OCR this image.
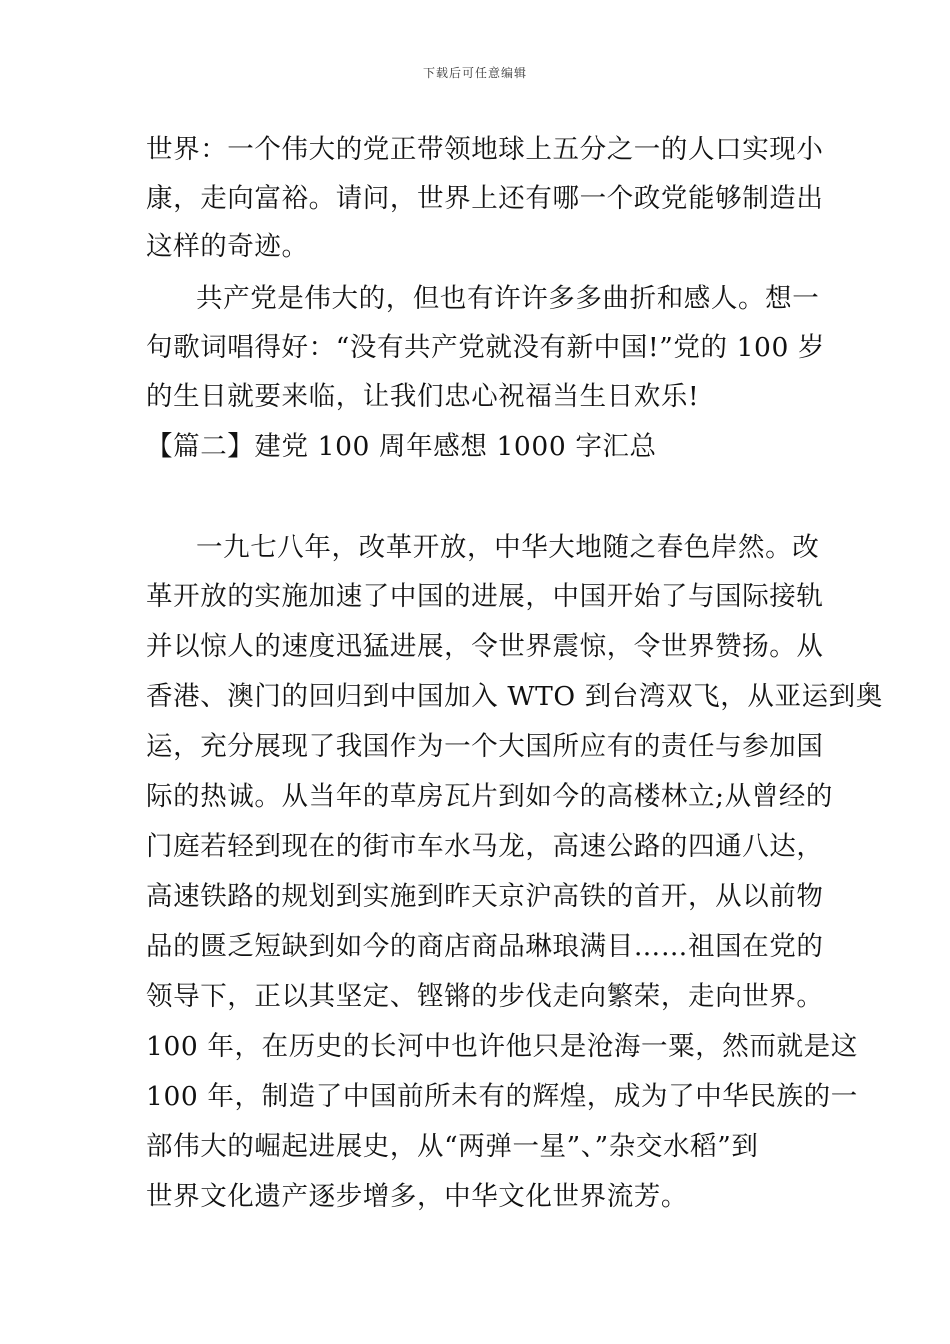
下载后可任意编辑
世界：一个伟大的党正带领地球上五分之一的人口实现小
康，走向富裕。请问，世界上还有哪一个政党能够制造出
这样的奇迹。
共产党是伟大的，但也有许许多多曲折和感人。想一
句歌词唱得好：“没有共产党就没有新中国!”党的 100 岁
的生日就要来临，让我们忠心祝福当生日欢乐!
【篇二】建党 100 周年感想 1000 字汇总
一九七八年，改革开放，中华大地随之春色岸然。改
革开放的实施加速了中国的进展，中国开始了与国际接轨
并以惊人的速度迅猛进展，令世界震惊，令世界赞扬。从
香港、澳门的回归到中国加入 WTO 到台湾双飞，从亚运到奥
运，充分展现了我国作为一个大国所应有的责任与参加国
际的热诚。从当年的草房瓦片到如今的高楼林立;从曾经的
门庭若轻到现在的街市车水马龙，高速公路的四通八达，
高速铁路的规划到实施到昨天京沪高铁的首开，从以前物
品的匮乏短缺到如今的商店商品琳琅满目……祖国在党的
领导下，正以其坚定、铿锵的步伐走向繁荣，走向世界。
100 年，在历史的长河中也许他只是沧海一粟，然而就是这
100 年，制造了中国前所未有的辉煌，成为了中华民族的一
部伟大的崛起进展史，从“两弹一星”、”杂交水稻”到
世界文化遗产逐步增多，中华文化世界流芳。
